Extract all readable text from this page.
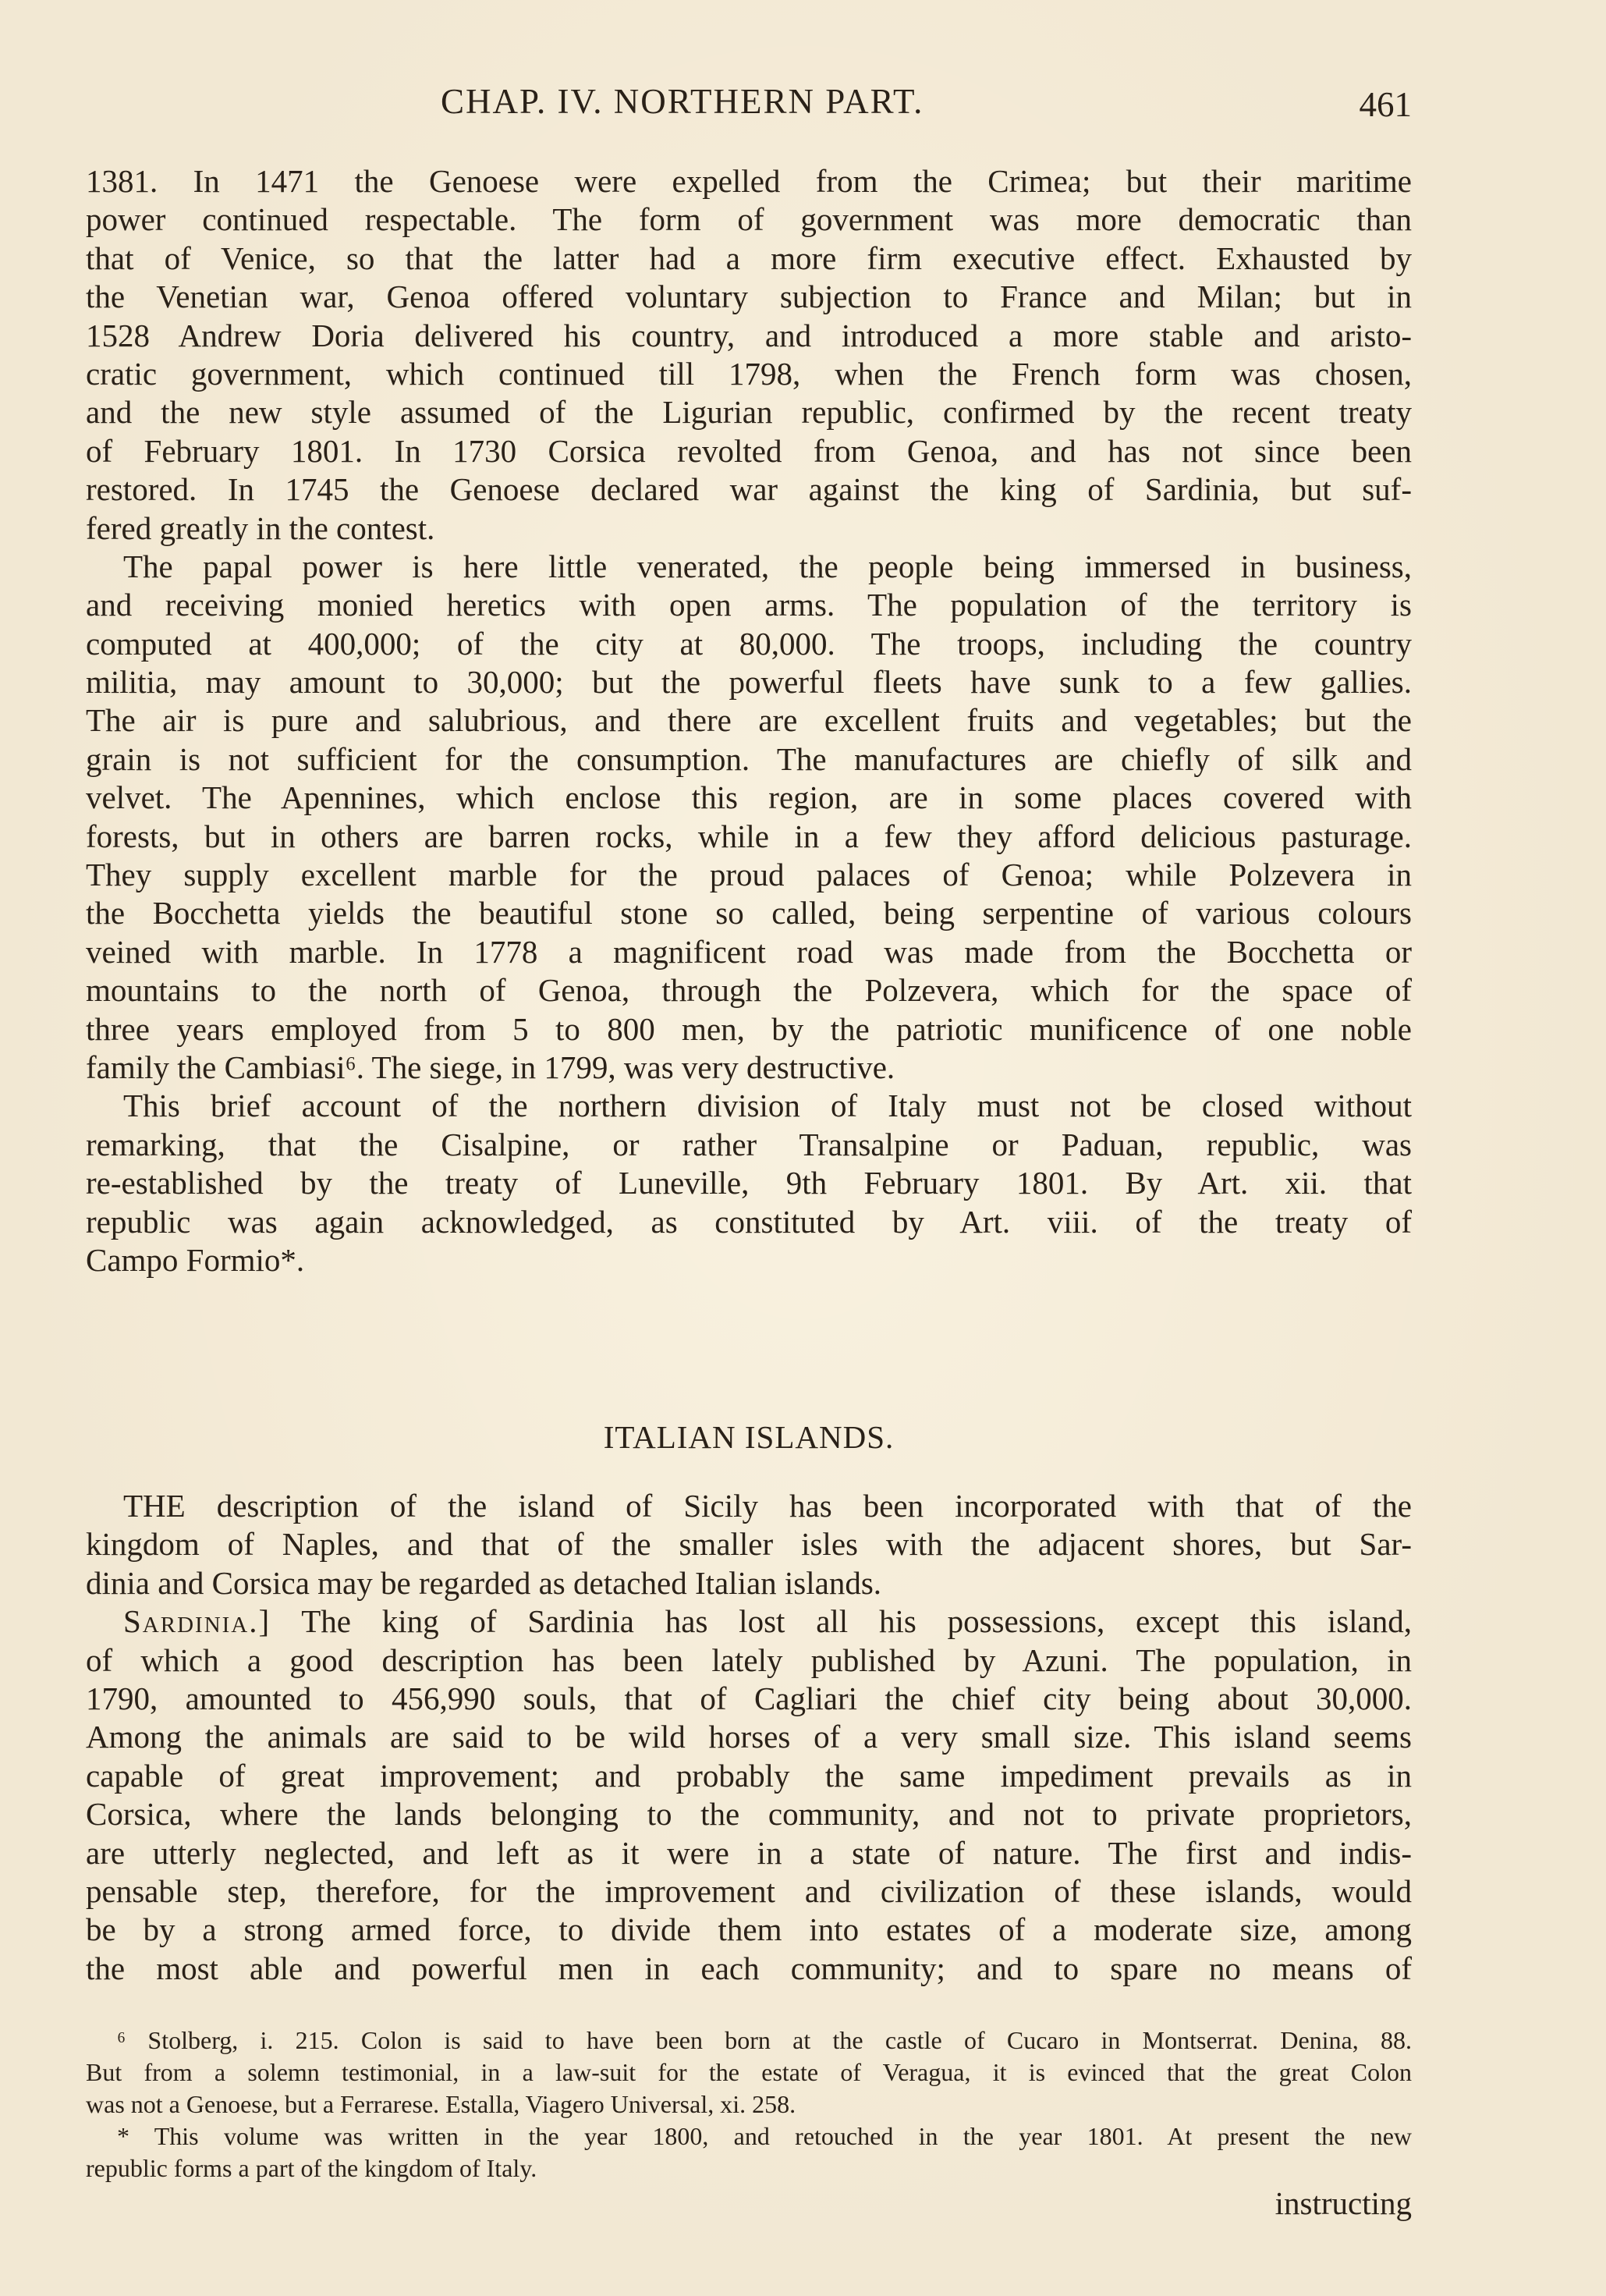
CHAP. IV. NORTHERN PART.	461
1381. In 1471 the Genoese were expelled from the Crimea; but their maritime
power continued respectable. The form of government was more democratic than
that of Venice, so that the latter had a more firm executive effect. Exhausted by
the Venetian war, Genoa offered voluntary subjection to France and Milan; but in
1528 Andrew Doria delivered his country, and introduced a more stable and aristo-
cratic government, which continued till 1798, when the French form was chosen,
and the new style assumed of the Ligurian republic, confirmed by the recent treaty
of February 1801. In 1730 Corsica revolted from Genoa, and has not since been
restored. In 1745 the Genoese declared war against the king of Sardinia, but suf-
fered greatly in the contest.
The papal power is here little venerated, the people being immersed in business,
and receiving monied heretics with open arms. The population of the territory is
computed at 400,000; of the city at 80,000. The troops, including the country
militia, may amount to 30,000; but the powerful fleets have sunk to a few gallies.
The air is pure and salubrious, and there are excellent fruits and vegetables; but the
grain is not sufficient for the consumption. The manufactures are chiefly of silk and
velvet. The Apennines, which enclose this region, are in some places covered with
forests, but in others are barren rocks, while in a few they afford delicious pasturage.
They supply excellent marble for the proud palaces of Genoa; while Polzevera in
the Bocchetta yields the beautiful stone so called, being serpentine of various colours
veined with marble. In 1778 a magnificent road was made from the Bocchetta or
mountains to the north of Genoa, through the Polzevera, which for the space of
three years employed from 5 to 800 men, by the patriotic munificence of one noble
family the Cambiasi⁶. The siege, in 1799, was very destructive.
This brief account of the northern division of Italy must not be closed without
remarking, that the Cisalpine, or rather Transalpine or Paduan, republic, was
re-established by the treaty of Luneville, 9th February 1801. By Art. xii. that
republic was again acknowledged, as constituted by Art. viii. of the treaty of
Campo Formio*.
ITALIAN ISLANDS.
THE description of the island of Sicily has been incorporated with that of the
kingdom of Naples, and that of the smaller isles with the adjacent shores, but Sar-
dinia and Corsica may be regarded as detached Italian islands.
Sardinia.] The king of Sardinia has lost all his possessions, except this island,
of which a good description has been lately published by Azuni. The population, in
1790, amounted to 456,990 souls, that of Cagliari the chief city being about 30,000.
Among the animals are said to be wild horses of a very small size. This island seems
capable of great improvement; and probably the same impediment prevails as in
Corsica, where the lands belonging to the community, and not to private proprietors,
are utterly neglected, and left as it were in a state of nature. The first and indis-
pensable step, therefore, for the improvement and civilization of these islands, would
be by a strong armed force, to divide them into estates of a moderate size, among
the most able and powerful men in each community; and to spare no means of
⁶ Stolberg, i. 215. Colon is said to have been born at the castle of Cucaro in Montserrat. Denina, 88.
But from a solemn testimonial, in a law-suit for the estate of Veragua, it is evinced that the great Colon
was not a Genoese, but a Ferrarese. Estalla, Viagero Universal, xi. 258.
* This volume was written in the year 1800, and retouched in the year 1801. At present the new
republic forms a part of the kingdom of Italy.
instructing
